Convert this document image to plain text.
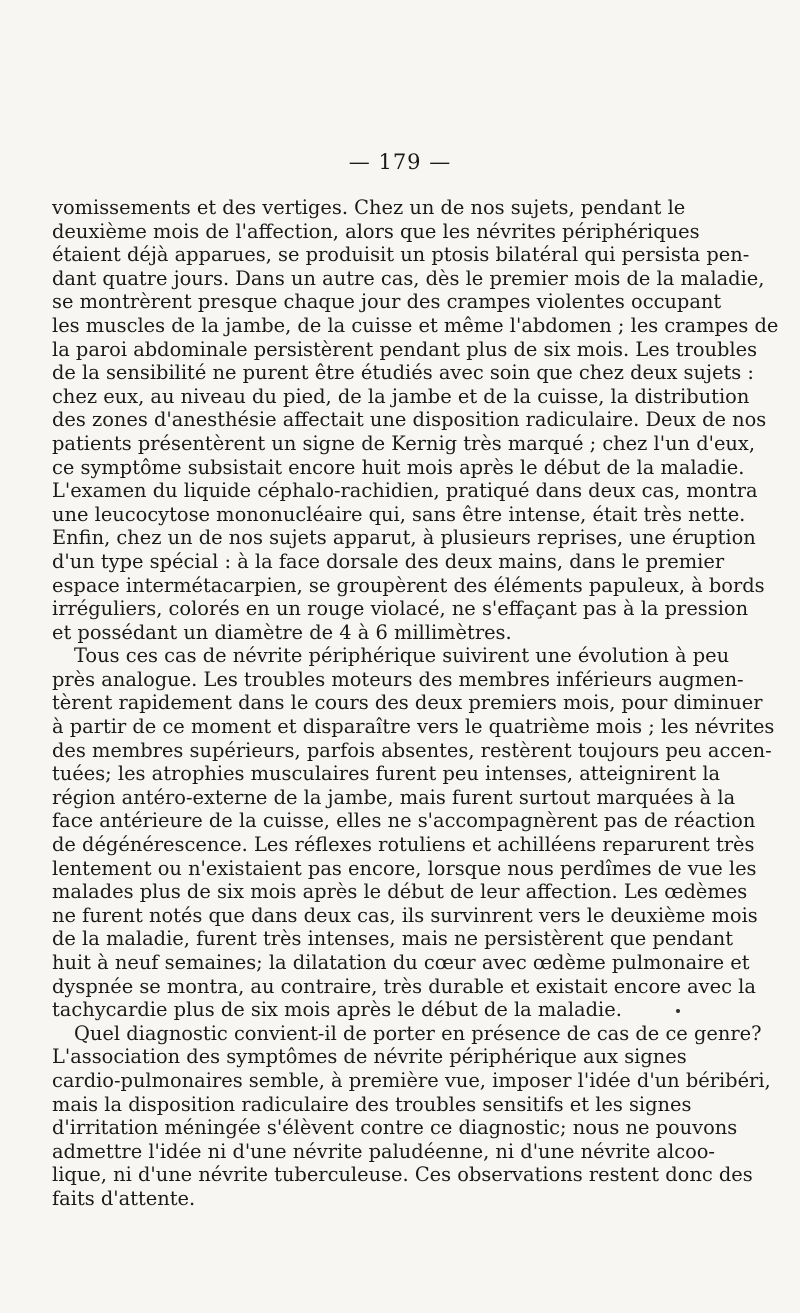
— 179 —
vomissements et des vertiges. Chez un de nos sujets, pendant le
deuxième mois de l'affection, alors que les névrites périphériques
étaient déjà apparues, se produisit un ptosis bilatéral qui persista pen-
dant quatre jours. Dans un autre cas, dès le premier mois de la maladie,
se montrèrent presque chaque jour des crampes violentes occupant
les muscles de la jambe, de la cuisse et même l'abdomen ; les crampes de
la paroi abdominale persistèrent pendant plus de six mois. Les troubles
de la sensibilité ne purent être étudiés avec soin que chez deux sujets :
chez eux, au niveau du pied, de la jambe et de la cuisse, la distribution
des zones d'anesthésie affectait une disposition radiculaire. Deux de nos
patients présentèrent un signe de Kernig très marqué ; chez l'un d'eux,
ce symptôme subsistait encore huit mois après le début de la maladie.
L'examen du liquide céphalo-rachidien, pratiqué dans deux cas, montra
une leucocytose mononucléaire qui, sans être intense, était très nette.
Enfin, chez un de nos sujets apparut, à plusieurs reprises, une éruption
d'un type spécial : à la face dorsale des deux mains, dans le premier
espace intermétacarpien, se groupèrent des éléments papuleux, à bords
irréguliers, colorés en un rouge violacé, ne s'effaçant pas à la pression
et possédant un diamètre de 4 à 6 millimètres.
Tous ces cas de névrite périphérique suivirent une évolution à peu
près analogue. Les troubles moteurs des membres inférieurs augmen-
tèrent rapidement dans le cours des deux premiers mois, pour diminuer
à partir de ce moment et disparaître vers le quatrième mois ; les névrites
des membres supérieurs, parfois absentes, restèrent toujours peu accen-
tuées; les atrophies musculaires furent peu intenses, atteignirent la
région antéro-externe de la jambe, mais furent surtout marquées à la
face antérieure de la cuisse, elles ne s'accompagnèrent pas de réaction
de dégénérescence. Les réflexes rotuliens et achilléens reparurent très
lentement ou n'existaient pas encore, lorsque nous perdîmes de vue les
malades plus de six mois après le début de leur affection. Les œdèmes
ne furent notés que dans deux cas, ils survinrent vers le deuxième mois
de la maladie, furent très intenses, mais ne persistèrent que pendant
huit à neuf semaines; la dilatation du cœur avec œdème pulmonaire et
dyspnée se montra, au contraire, très durable et existait encore avec la
tachycardie plus de six mois après le début de la maladie.
Quel diagnostic convient-il de porter en présence de cas de ce genre?
L'association des symptômes de névrite périphérique aux signes
cardio-pulmonaires semble, à première vue, imposer l'idée d'un béribéri,
mais la disposition radiculaire des troubles sensitifs et les signes
d'irritation méningée s'élèvent contre ce diagnostic; nous ne pouvons
admettre l'idée ni d'une névrite paludéenne, ni d'une névrite alcoo-
lique, ni d'une névrite tuberculeuse. Ces observations restent donc des
faits d'attente.
